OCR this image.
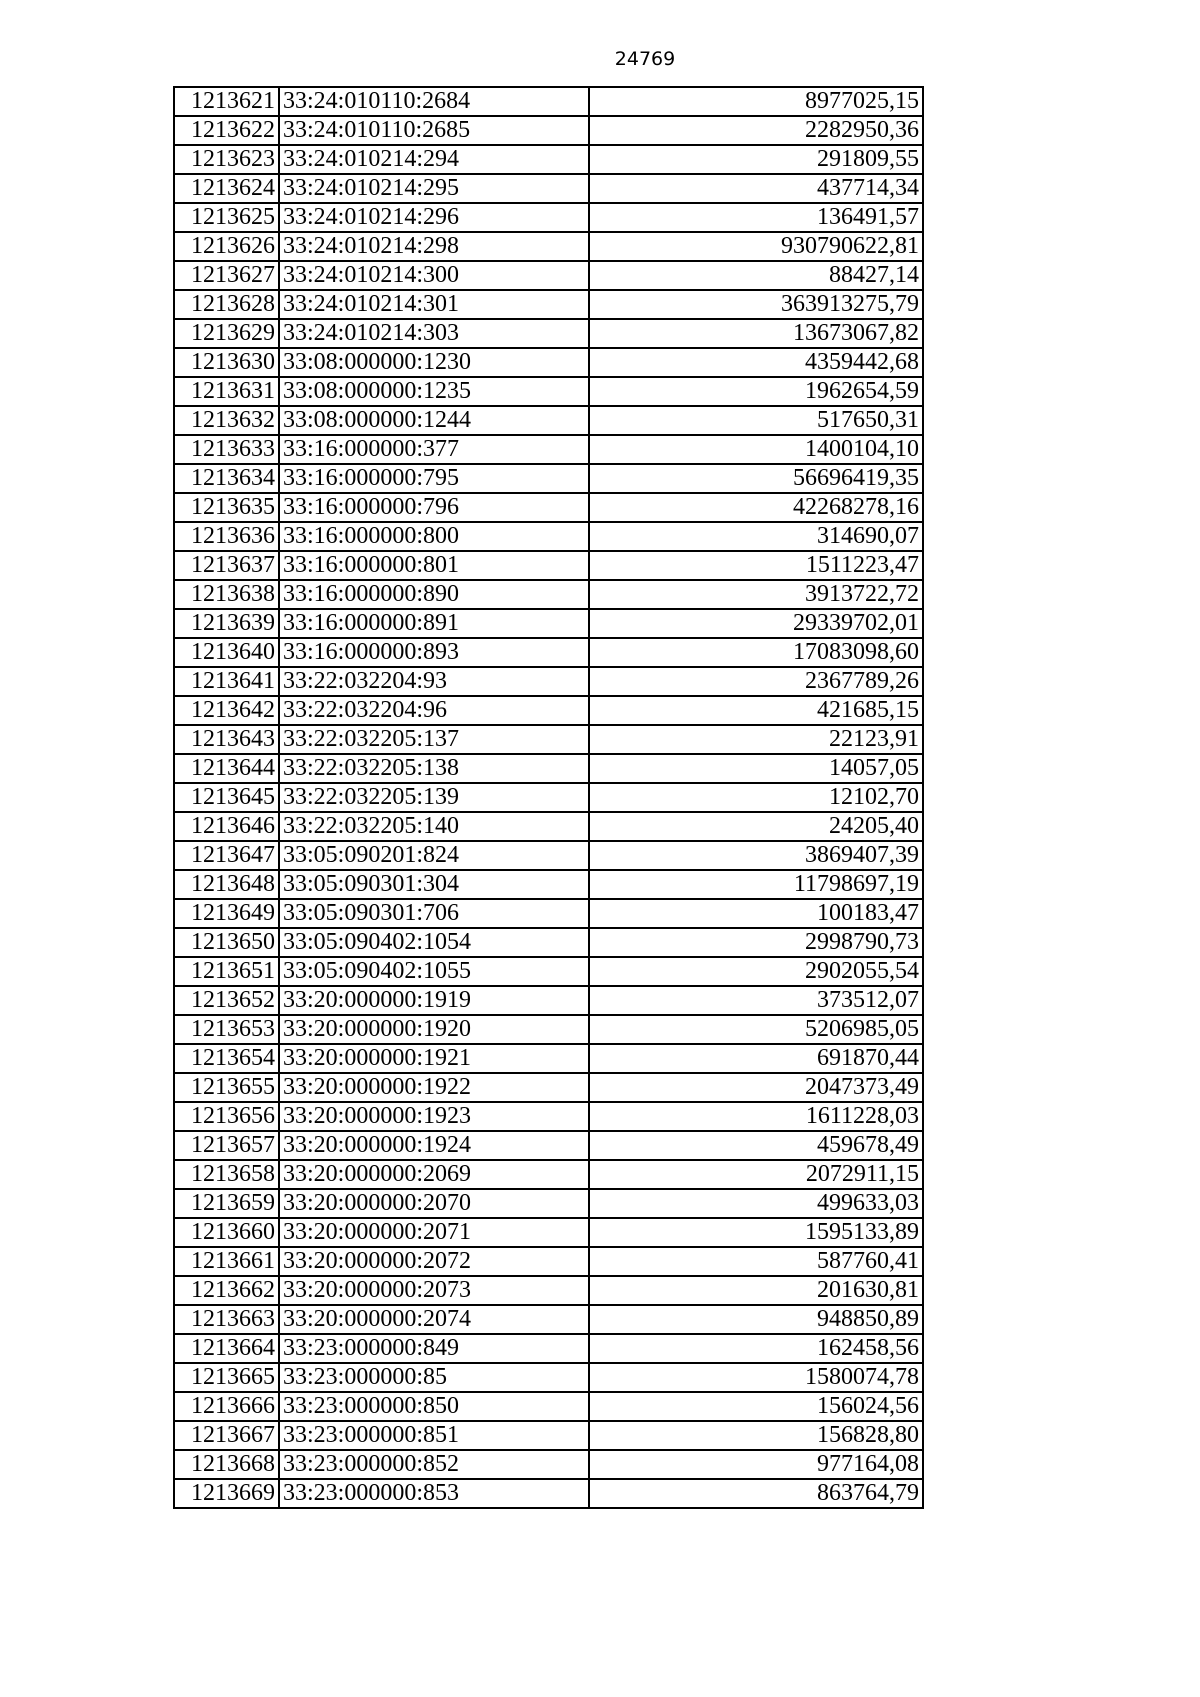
24769
1213621	33:24:010110:2684	8977025,15
1213622	33:24:010110:2685	2282950,36
1213623	33:24:010214:294	291809,55
1213624	33:24:010214:295	437714,34
1213625	33:24:010214:296	136491,57
1213626	33:24:010214:298	930790622,81
1213627	33:24:010214:300	88427,14
1213628	33:24:010214:301	363913275,79
1213629	33:24:010214:303	13673067,82
1213630	33:08:000000:1230	4359442,68
1213631	33:08:000000:1235	1962654,59
1213632	33:08:000000:1244	517650,31
1213633	33:16:000000:377	1400104,10
1213634	33:16:000000:795	56696419,35
1213635	33:16:000000:796	42268278,16
1213636	33:16:000000:800	314690,07
1213637	33:16:000000:801	1511223,47
1213638	33:16:000000:890	3913722,72
1213639	33:16:000000:891	29339702,01
1213640	33:16:000000:893	17083098,60
1213641	33:22:032204:93	2367789,26
1213642	33:22:032204:96	421685,15
1213643	33:22:032205:137	22123,91
1213644	33:22:032205:138	14057,05
1213645	33:22:032205:139	12102,70
1213646	33:22:032205:140	24205,40
1213647	33:05:090201:824	3869407,39
1213648	33:05:090301:304	11798697,19
1213649	33:05:090301:706	100183,47
1213650	33:05:090402:1054	2998790,73
1213651	33:05:090402:1055	2902055,54
1213652	33:20:000000:1919	373512,07
1213653	33:20:000000:1920	5206985,05
1213654	33:20:000000:1921	691870,44
1213655	33:20:000000:1922	2047373,49
1213656	33:20:000000:1923	1611228,03
1213657	33:20:000000:1924	459678,49
1213658	33:20:000000:2069	2072911,15
1213659	33:20:000000:2070	499633,03
1213660	33:20:000000:2071	1595133,89
1213661	33:20:000000:2072	587760,41
1213662	33:20:000000:2073	201630,81
1213663	33:20:000000:2074	948850,89
1213664	33:23:000000:849	162458,56
1213665	33:23:000000:85	1580074,78
1213666	33:23:000000:850	156024,56
1213667	33:23:000000:851	156828,80
1213668	33:23:000000:852	977164,08
1213669	33:23:000000:853	863764,79
